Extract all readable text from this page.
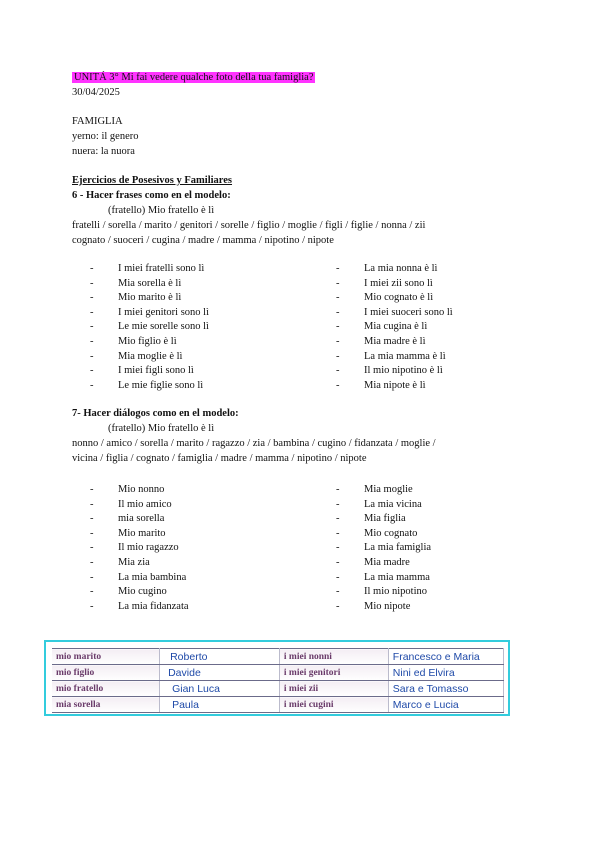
UNITÁ 3° Mi fai vedere qualche foto della tua famiglia?
30/04/2025
FAMIGLIA
yerno: il genero
nuera: la nuora
Ejercicios de Posesivos y Familiares
6 - Hacer frases como en el modelo:
(fratello) Mio fratello è lì
fratelli / sorella / marito / genitori / sorelle / figlio / moglie / figli / figlie / nonna / zii
cognato / suoceri / cugina / madre / mamma / nipotino / nipote
- I miei fratelli sono lì
- Mia sorella è lì
- Mio marito è lì
- I miei genitori sono lì
- Le mie sorelle sono lì
- Mio figlio è lì
- Mia moglie è lì
- I miei figli sono lì
- Le mie figlie sono lì
- La mia nonna è lì
- I miei zii sono lì
- Mio cognato è lì
- I miei suoceri sono lì
- Mia cugina è lì
- Mia madre è lì
- La mia mamma è lì
- Il mio nipotino è lì
- Mia nipote è lì
7- Hacer diálogos como en el modelo:
(fratello) Mio fratello è lì
nonno / amico / sorella / marito / ragazzo / zia / bambina / cugino / fidanzata / moglie /
vicina / figlia / cognato / famiglia / madre / mamma / nipotino / nipote
- Mio nonno
- Il mio amico
- mia sorella
- Mio marito
- Il mio ragazzo
- Mia zia
- La mia bambina
- Mio cugino
- La mia fidanzata
- Mia moglie
- La mia vicina
- Mia figlia
- Mio cognato
- La mia famiglia
- Mia madre
- La mia mamma
- Il mio nipotino
- Mio nipote
mio marito	Roberto	i miei nonni	Francesco e Maria
mio figlio	Davide	i miei genitori	Nini ed Elvira
mio fratello	Gian Luca	i miei zii	Sara e Tomasso
mia sorella	Paula	i miei cugini	Marco e Lucia
